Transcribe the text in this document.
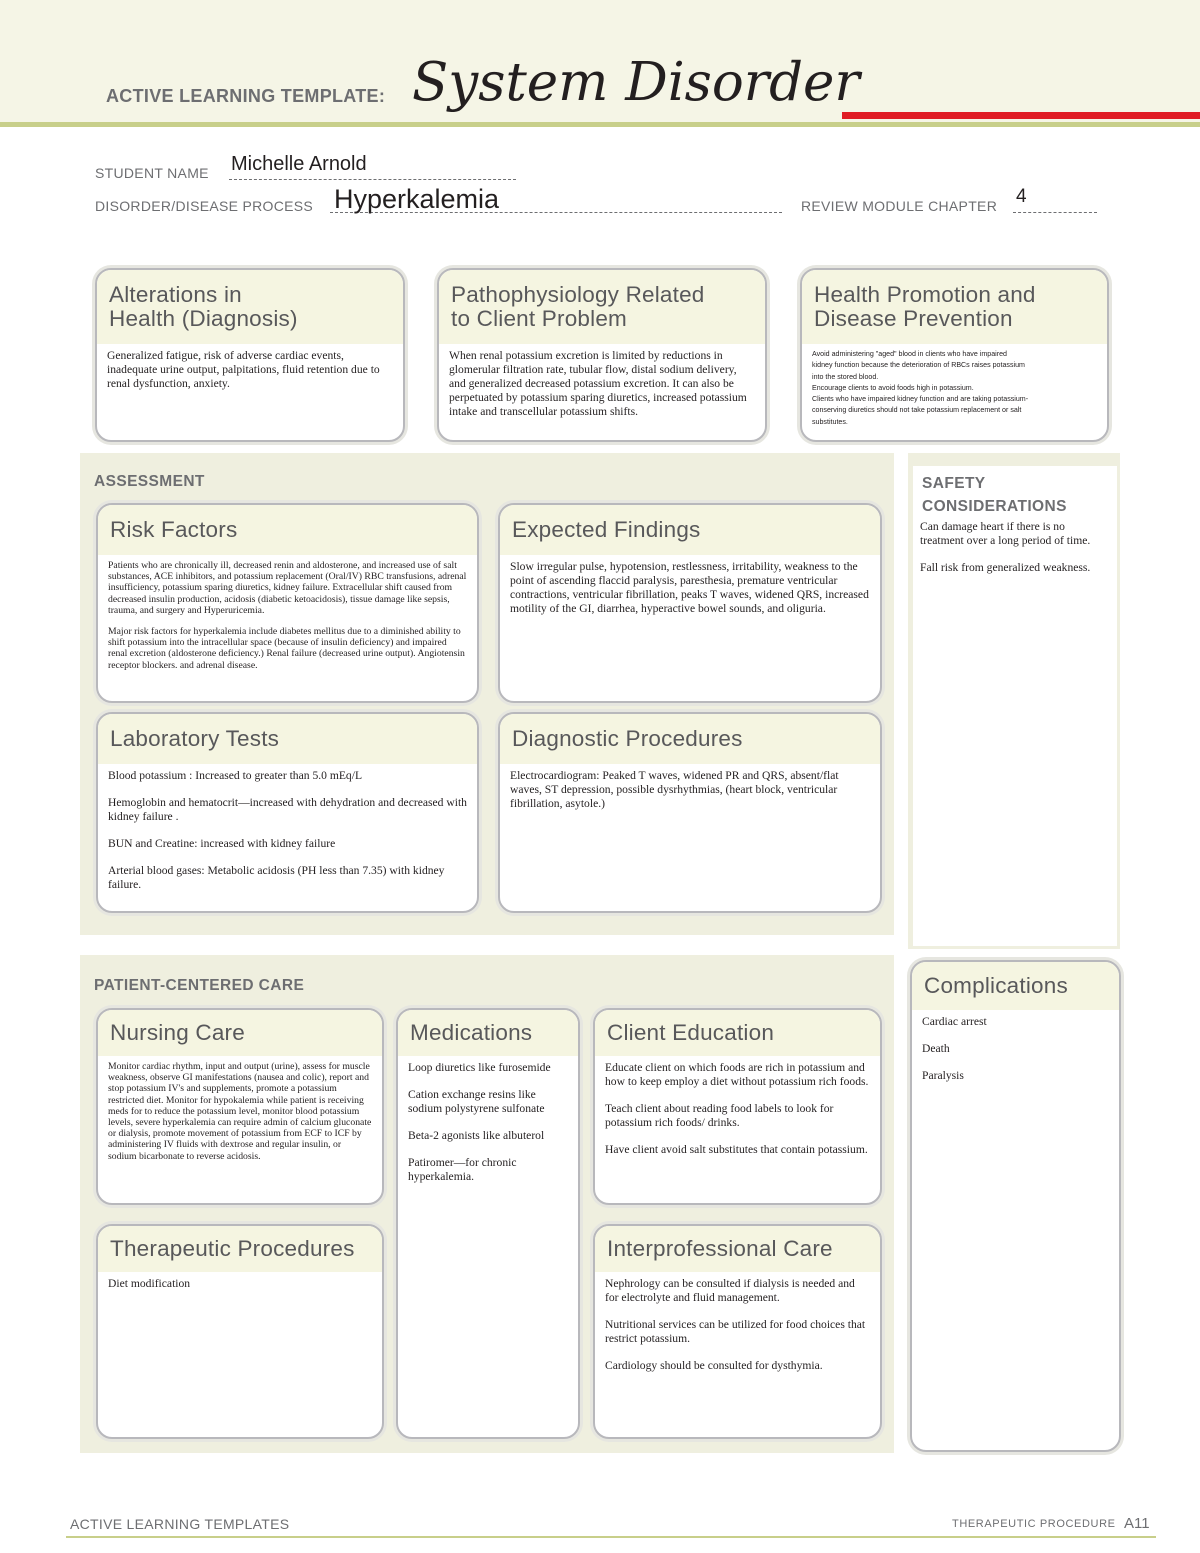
ACTIVE LEARNING TEMPLATE: System Disorder
STUDENT NAME Michelle Arnold
DISORDER/DISEASE PROCESS Hyperkalemia	REVIEW MODULE CHAPTER 4
Alterations in
Health (Diagnosis)
Generalized fatigue, risk of adverse cardiac events, inadequate urine output, palpitations, fluid retention due to renal dysfunction, anxiety.
Pathophysiology Related
to Client Problem
When renal potassium excretion is limited by reductions in glomerular filtration rate, tubular flow, distal sodium delivery, and generalized decreased potassium excretion. It can also be perpetuated by potassium sparing diuretics, increased potassium intake and transcellular potassium shifts.
Health Promotion and
Disease Prevention

Avoid administering "aged" blood in clients who have impaired

kidney function because the deterioration of RBCs raises potassium

into the stored blood.

Encourage clients to avoid foods high in potassium.

Clients who have impaired kidney function and are taking potassium-

conserving diuretics should not take potassium replacement or salt

substitutes.

ASSESSMENT
Risk Factors

Patients who are chronically ill, decreased renin and aldosterone, and increased use of salt substances, ACE inhibitors, and potassium replacement (Oral/IV) RBC transfusions, adrenal insufficiency, potassium sparing diuretics, kidney failure. Extracellular shift caused from decreased insulin production, acidosis (diabetic ketoacidosis), tissue damage like sepsis, trauma, and surgery and Hyperuricemia.

Major risk factors for hyperkalemia include diabetes mellitus due to a diminished ability to shift potassium into the intracellular space (because of insulin deficiency) and impaired renal excretion (aldosterone deficiency.) Renal failure (decreased urine output). Angiotensin receptor blockers. and adrenal disease.

Expected Findings
Slow irregular pulse, hypotension, restlessness, irritability, weakness to the point of ascending flaccid paralysis, paresthesia, premature ventricular contractions, ventricular fibrillation, peaks T waves, widened QRS, increased motility of the GI, diarrhea, hyperactive bowel sounds, and oliguria.
Laboratory Tests

Blood potassium : Increased to greater than 5.0 mEq/L

Hemoglobin and hematocrit—increased with dehydration and decreased with kidney failure .

BUN and Creatine: increased with kidney failure

Arterial blood gases: Metabolic acidosis (PH less than 7.35) with kidney failure.

Diagnostic Procedures
Electrocardiogram: Peaked T waves, widened PR and QRS, absent/flat waves, ST depression, possible dysrhythmias, (heart block, ventricular fibrillation, asytole.)
SAFETY
CONSIDERATIONS

Can damage heart if there is no treatment over a long period of time.

Fall risk from generalized weakness.

PATIENT-CENTERED CARE
Nursing Care
Monitor cardiac rhythm, input and output (urine), assess for muscle weakness, observe GI manifestations (nausea and colic), report and stop potassium IV's and supplements, promote a potassium restricted diet. Monitor for hypokalemia while patient is receiving meds for to reduce the potassium level, monitor blood potassium levels, severe hyperkalemia can require admin of calcium gluconate or dialysis, promote movement of potassium from ECF to ICF by administering IV fluids with dextrose and regular insulin, or sodium bicarbonate to reverse acidosis.
Medications

Loop diuretics like furosemide

Cation exchange resins like sodium polystyrene sulfonate

Beta-2 agonists like albuterol

Patiromer—for chronic hyperkalemia.

Client Education

Educate client on which foods are rich in potassium and how to keep employ a diet without potassium rich foods.

Teach client about reading food labels to look for potassium rich foods/ drinks.

Have client avoid salt substitutes that contain potassium.

Therapeutic Procedures
Diet modification
Interprofessional Care

Nephrology can be consulted if dialysis is needed and for electrolyte and fluid management.

Nutritional services can be utilized for food choices that restrict potassium.

Cardiology should be consulted for dysthymia.

Complications

Cardiac arrest

Death

Paralysis

ACTIVE LEARNING TEMPLATES	THERAPEUTIC PROCEDURE A11
